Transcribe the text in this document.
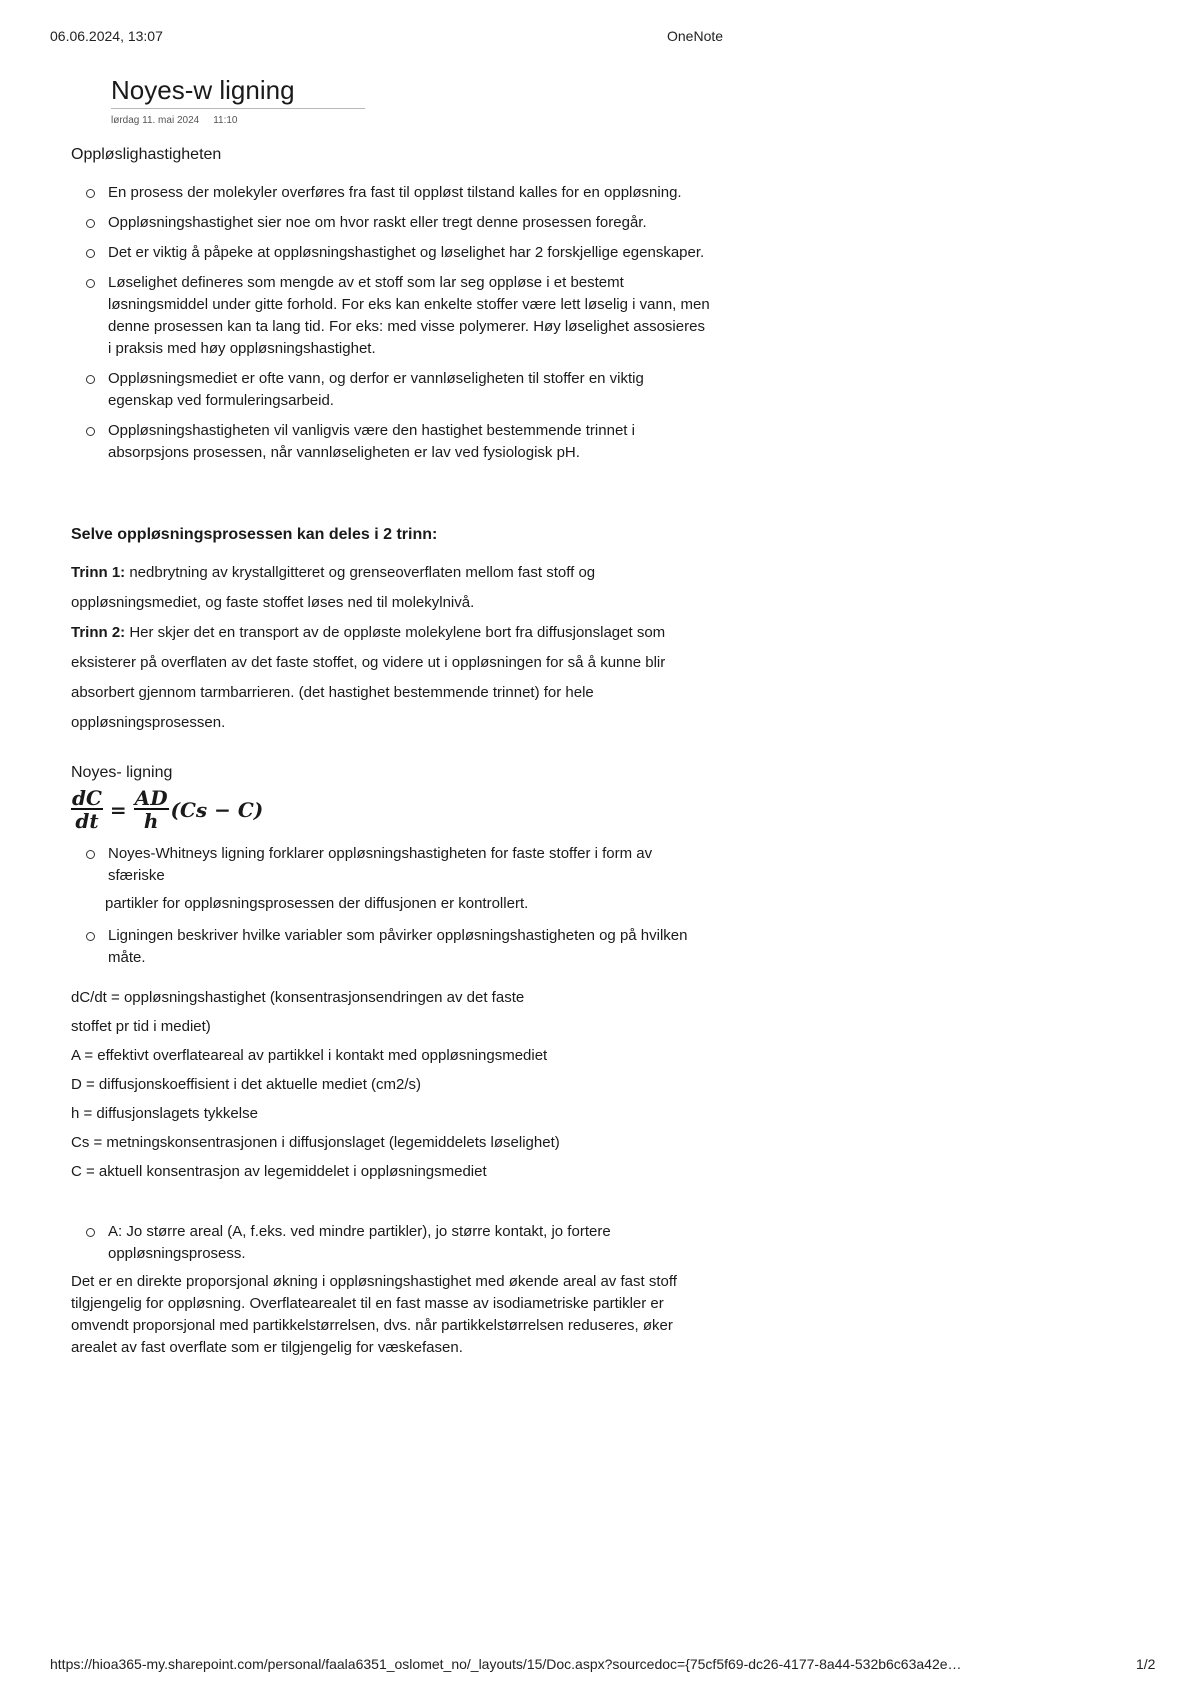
06.06.2024, 13:07	OneNote
Noyes-w ligning
lørdag 11. mai 2024 11:10
Oppløslighastigheten
En prosess der molekyler overføres fra fast til oppløst tilstand kalles for en oppløsning.
Oppløsningshastighet sier noe om hvor raskt eller tregt denne prosessen foregår.
Det er viktig å påpeke at oppløsningshastighet og løselighet har 2 forskjellige egenskaper.
Løselighet defineres som mengde av et stoff som lar seg oppløse i et bestemt løsningsmiddel under gitte forhold. For eks kan enkelte stoffer være lett løselig i vann, men denne prosessen kan ta lang tid. For eks: med visse polymerer. Høy løselighet assosieres i praksis med høy oppløsningshastighet.
Oppløsningsmediet er ofte vann, og derfor er vannløseligheten til stoffer en viktig egenskap ved formuleringsarbeid.
Oppløsningshastigheten vil vanligvis være den hastighet bestemmende trinnet i absorpsjons prosessen, når vannløseligheten er lav ved fysiologisk pH.
Selve oppløsningsprosessen kan deles i 2 trinn:

Trinn 1: nedbrytning av krystallgitteret og grenseoverflaten mellom fast stoff og

oppløsningsmediet, og faste stoffet løses ned til molekylnivå.

Trinn 2: Her skjer det en transport av de oppløste molekylene bort fra diffusjonslaget som

eksisterer på overflaten av det faste stoffet, og videre ut i oppløsningen for så å kunne blir

absorbert gjennom tarmbarrieren. (det hastighet bestemmende trinnet) for hele

oppløsningsprosessen.

Noyes- ligning
$\frac{dC}{dt} = \frac{AD}{h} (Cs - C)$
Noyes-Whitneys ligning forklarer oppløsningshastigheten for faste stoffer i form av sfæriske

partikler for oppløsningsprosessen der diffusjonen er kontrollert.

Ligningen beskriver hvilke variabler som påvirker oppløsningshastigheten og på hvilken måte.

dC/dt = oppløsningshastighet (konsentrasjonsendringen av det faste

stoffet pr tid i mediet)

A = effektivt overflateareal av partikkel i kontakt med oppløsningsmediet

D = diffusjonskoeffisient i det aktuelle mediet (cm2/s)

h = diffusjonslagets tykkelse

Cs = metningskonsentrasjonen i diffusjonslaget (legemiddelets løselighet)

C = aktuell konsentrasjon av legemiddelet i oppløsningsmediet

A: Jo større areal (A, f.eks. ved mindre partikler), jo større kontakt, jo fortere oppløsningsprosess.

Det er en direkte proporsjonal økning i oppløsningshastighet med økende areal av fast stoff tilgjengelig for oppløsning. Overflatearealet til en fast masse av isodiametriske partikler er omvendt proporsjonal med partikkelstørrelsen, dvs. når partikkelstørrelsen reduseres, øker arealet av fast overflate som er tilgjengelig for væskefasen.

https://hioa365-my.sharepoint.com/personal/faala6351_oslomet_no/_layouts/15/Doc.aspx?sourcedoc={75cf5f69-dc26-4177-8a44-532b6c63a42e…	1/2
